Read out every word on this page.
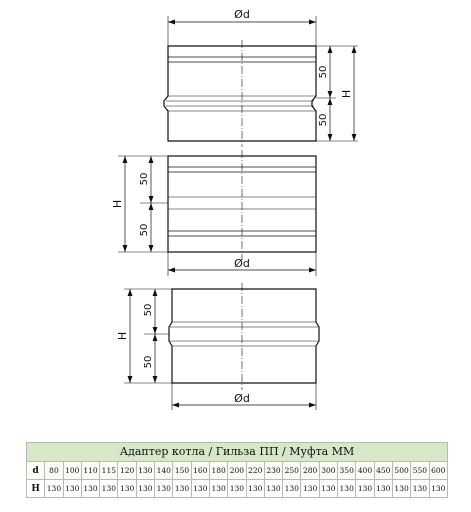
Ød
50
50
H
H
50
50
Ød
H
50
50
Ød
Адаптер котла / Гильза ПП / Муфта ММ																						
d	80	100	110	115	120	130	140	150	160	180	200	220	230	250	280	300	350	400	450	500	550	600
H	130	130	130	130	130	130	130	130	130	130	130	130	130	130	130	130	130	130	130	130	130	130
